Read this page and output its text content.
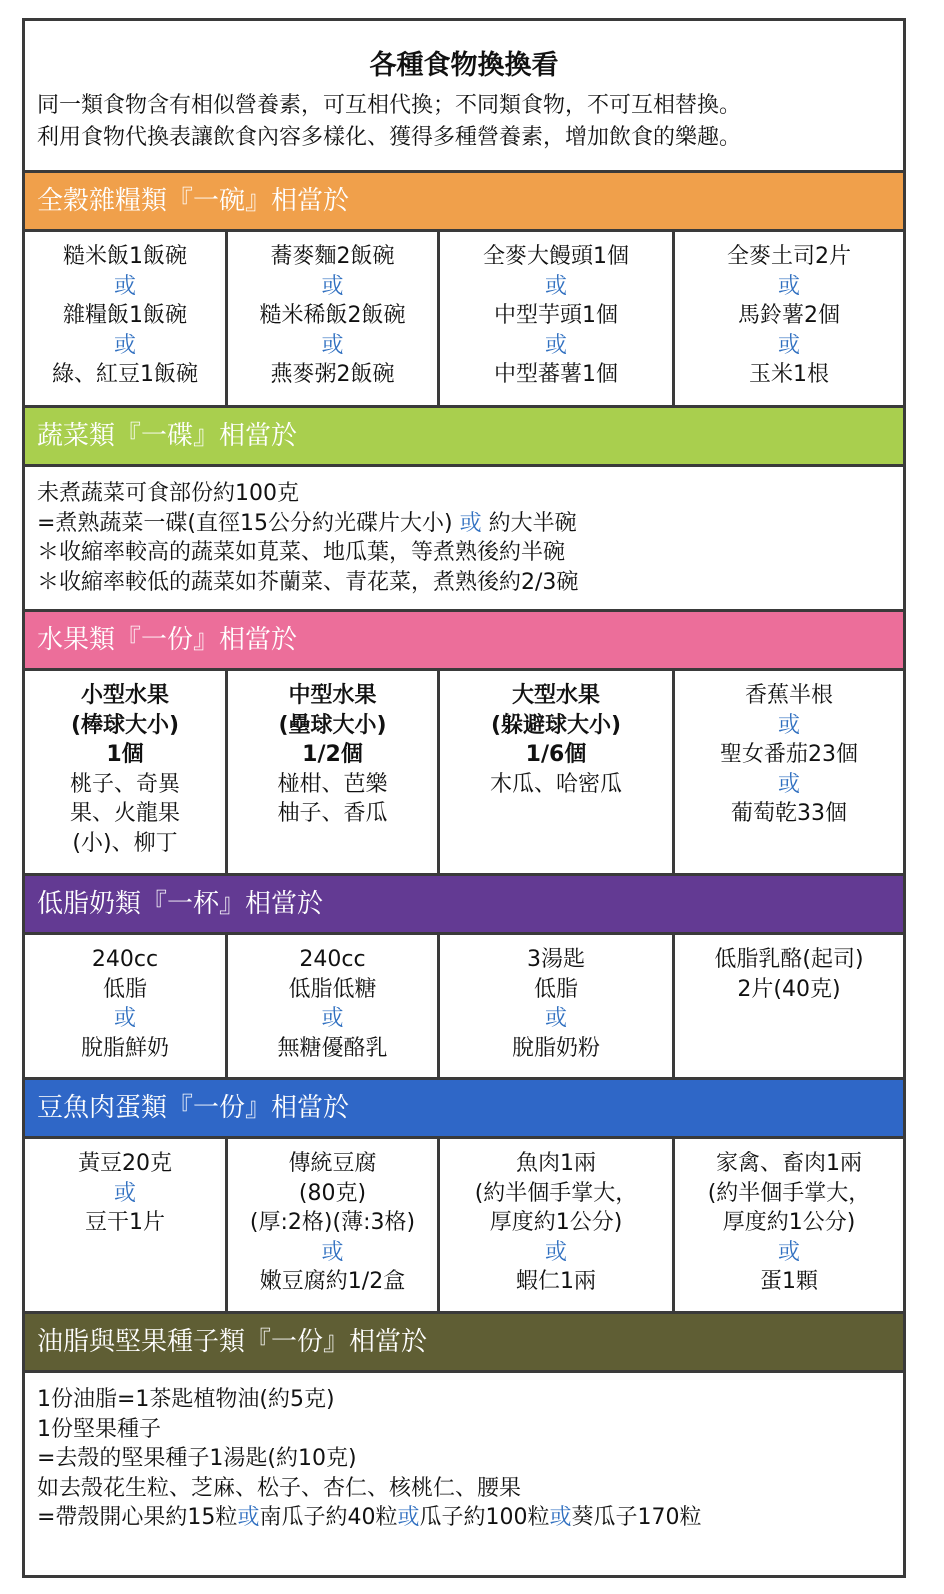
各種食物換換看
同一類食物含有相似營養素，可互相代換；不同類食物，不可互相替換。
利用食物代換表讓飲食內容多樣化、獲得多種營養素，增加飲食的樂趣。
全穀雜糧類『一碗』相當於
糙米飯1飯碗
或
雜糧飯1飯碗
或
綠、紅豆1飯碗
蕎麥麵2飯碗
或
糙米稀飯2飯碗
或
燕麥粥2飯碗
全麥大饅頭1個
或
中型芋頭1個
或
中型蕃薯1個
全麥土司2片
或
馬鈴薯2個
或
玉米1根
蔬菜類『一碟』相當於
未煮蔬菜可食部份約100克
=煮熟蔬菜一碟(直徑15公分約光碟片大小) 或 約大半碗
＊收縮率較高的蔬菜如莧菜、地瓜葉，等煮熟後約半碗
＊收縮率較低的蔬菜如芥蘭菜、青花菜，煮熟後約2/3碗
水果類『一份』相當於
小型水果
(棒球大小)
1個
桃子、奇異
果、火龍果
(小)、柳丁
中型水果
(壘球大小)
1/2個
椪柑、芭樂
柚子、香瓜
大型水果
(躲避球大小)
1/6個
木瓜、哈密瓜
香蕉半根
或
聖女番茄23個
或
葡萄乾33個
低脂奶類『一杯』相當於
240cc
低脂
或
脫脂鮮奶
240cc
低脂低糖
或
無糖優酪乳
3湯匙
低脂
或
脫脂奶粉
低脂乳酪(起司)
2片(40克)
豆魚肉蛋類『一份』相當於
黃豆20克
或
豆干1片
傳統豆腐
(80克)
(厚:2格)(薄:3格)
或
嫩豆腐約1/2盒
魚肉1兩
(約半個手掌大，
厚度約1公分)
或
蝦仁1兩
家禽、畜肉1兩
(約半個手掌大，
厚度約1公分)
或
蛋1顆
油脂與堅果種子類『一份』相當於
1份油脂=1茶匙植物油(約5克)
1份堅果種子
=去殼的堅果種子1湯匙(約10克)
如去殼花生粒、芝麻、松子、杏仁、核桃仁、腰果
=帶殼開心果約15粒或南瓜子約40粒或瓜子約100粒或葵瓜子170粒
